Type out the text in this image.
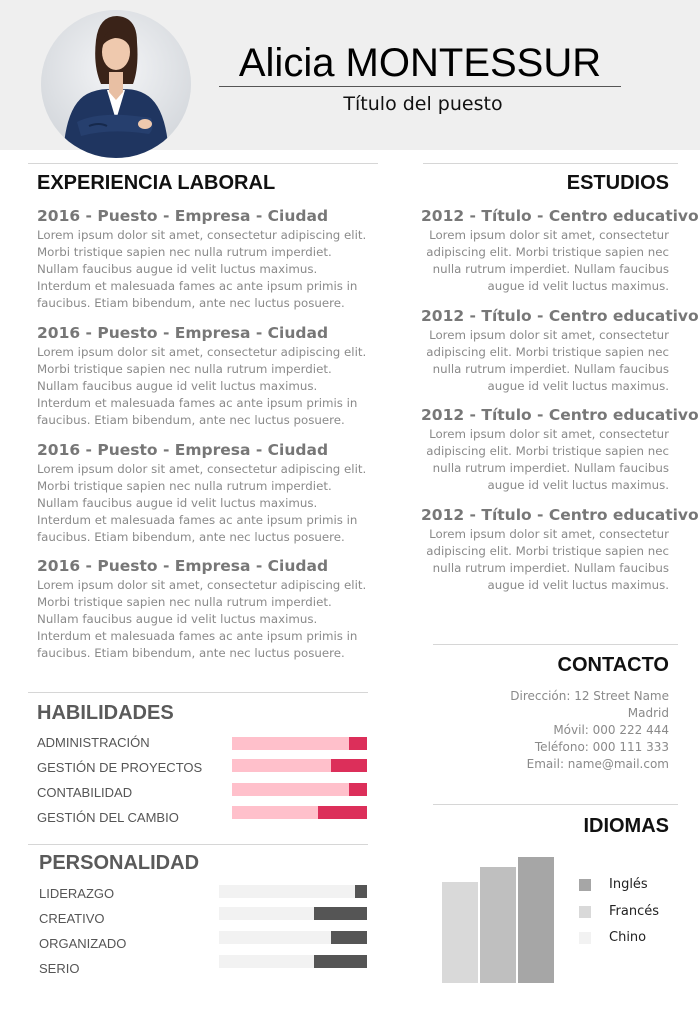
Alicia MONTESSUR
Título del puesto
EXPERIENCIA LABORAL
2016 - Puesto - Empresa - Ciudad
Lorem ipsum dolor sit amet, consectetur adipiscing elit. Morbi tristique sapien nec nulla rutrum imperdiet. Nullam faucibus augue id velit luctus maximus. Interdum et malesuada fames ac ante ipsum primis in faucibus. Etiam bibendum, ante nec luctus posuere.
2016 - Puesto - Empresa - Ciudad
Lorem ipsum dolor sit amet, consectetur adipiscing elit. Morbi tristique sapien nec nulla rutrum imperdiet. Nullam faucibus augue id velit luctus maximus. Interdum et malesuada fames ac ante ipsum primis in faucibus. Etiam bibendum, ante nec luctus posuere.
2016 - Puesto - Empresa - Ciudad
Lorem ipsum dolor sit amet, consectetur adipiscing elit. Morbi tristique sapien nec nulla rutrum imperdiet. Nullam faucibus augue id velit luctus maximus. Interdum et malesuada fames ac ante ipsum primis in faucibus. Etiam bibendum, ante nec luctus posuere.
2016 - Puesto - Empresa - Ciudad
Lorem ipsum dolor sit amet, consectetur adipiscing elit. Morbi tristique sapien nec nulla rutrum imperdiet. Nullam faucibus augue id velit luctus maximus. Interdum et malesuada fames ac ante ipsum primis in faucibus. Etiam bibendum, ante nec luctus posuere.
ESTUDIOS
2012 - Título - Centro educativo
Lorem ipsum dolor sit amet, consectetur adipiscing elit. Morbi tristique sapien nec nulla rutrum imperdiet. Nullam faucibus augue id velit luctus maximus.
2012 - Título - Centro educativo
Lorem ipsum dolor sit amet, consectetur adipiscing elit. Morbi tristique sapien nec nulla rutrum imperdiet. Nullam faucibus augue id velit luctus maximus.
2012 - Título - Centro educativo
Lorem ipsum dolor sit amet, consectetur adipiscing elit. Morbi tristique sapien nec nulla rutrum imperdiet. Nullam faucibus augue id velit luctus maximus.
2012 - Título - Centro educativo
Lorem ipsum dolor sit amet, consectetur adipiscing elit. Morbi tristique sapien nec nulla rutrum imperdiet. Nullam faucibus augue id velit luctus maximus.
CONTACTO
Dirección: 12 Street Name
Madrid
Móvil: 000 222 444
Teléfono: 000 111 333
Email: name@mail.com
HABILIDADES
ADMINISTRACIÓN
GESTIÓN DE PROYECTOS
CONTABILIDAD
GESTIÓN DEL CAMBIO
PERSONALIDAD
LIDERAZGO
CREATIVO
ORGANIZADO
SERIO
IDIOMAS
Inglés
Francés
Chino
